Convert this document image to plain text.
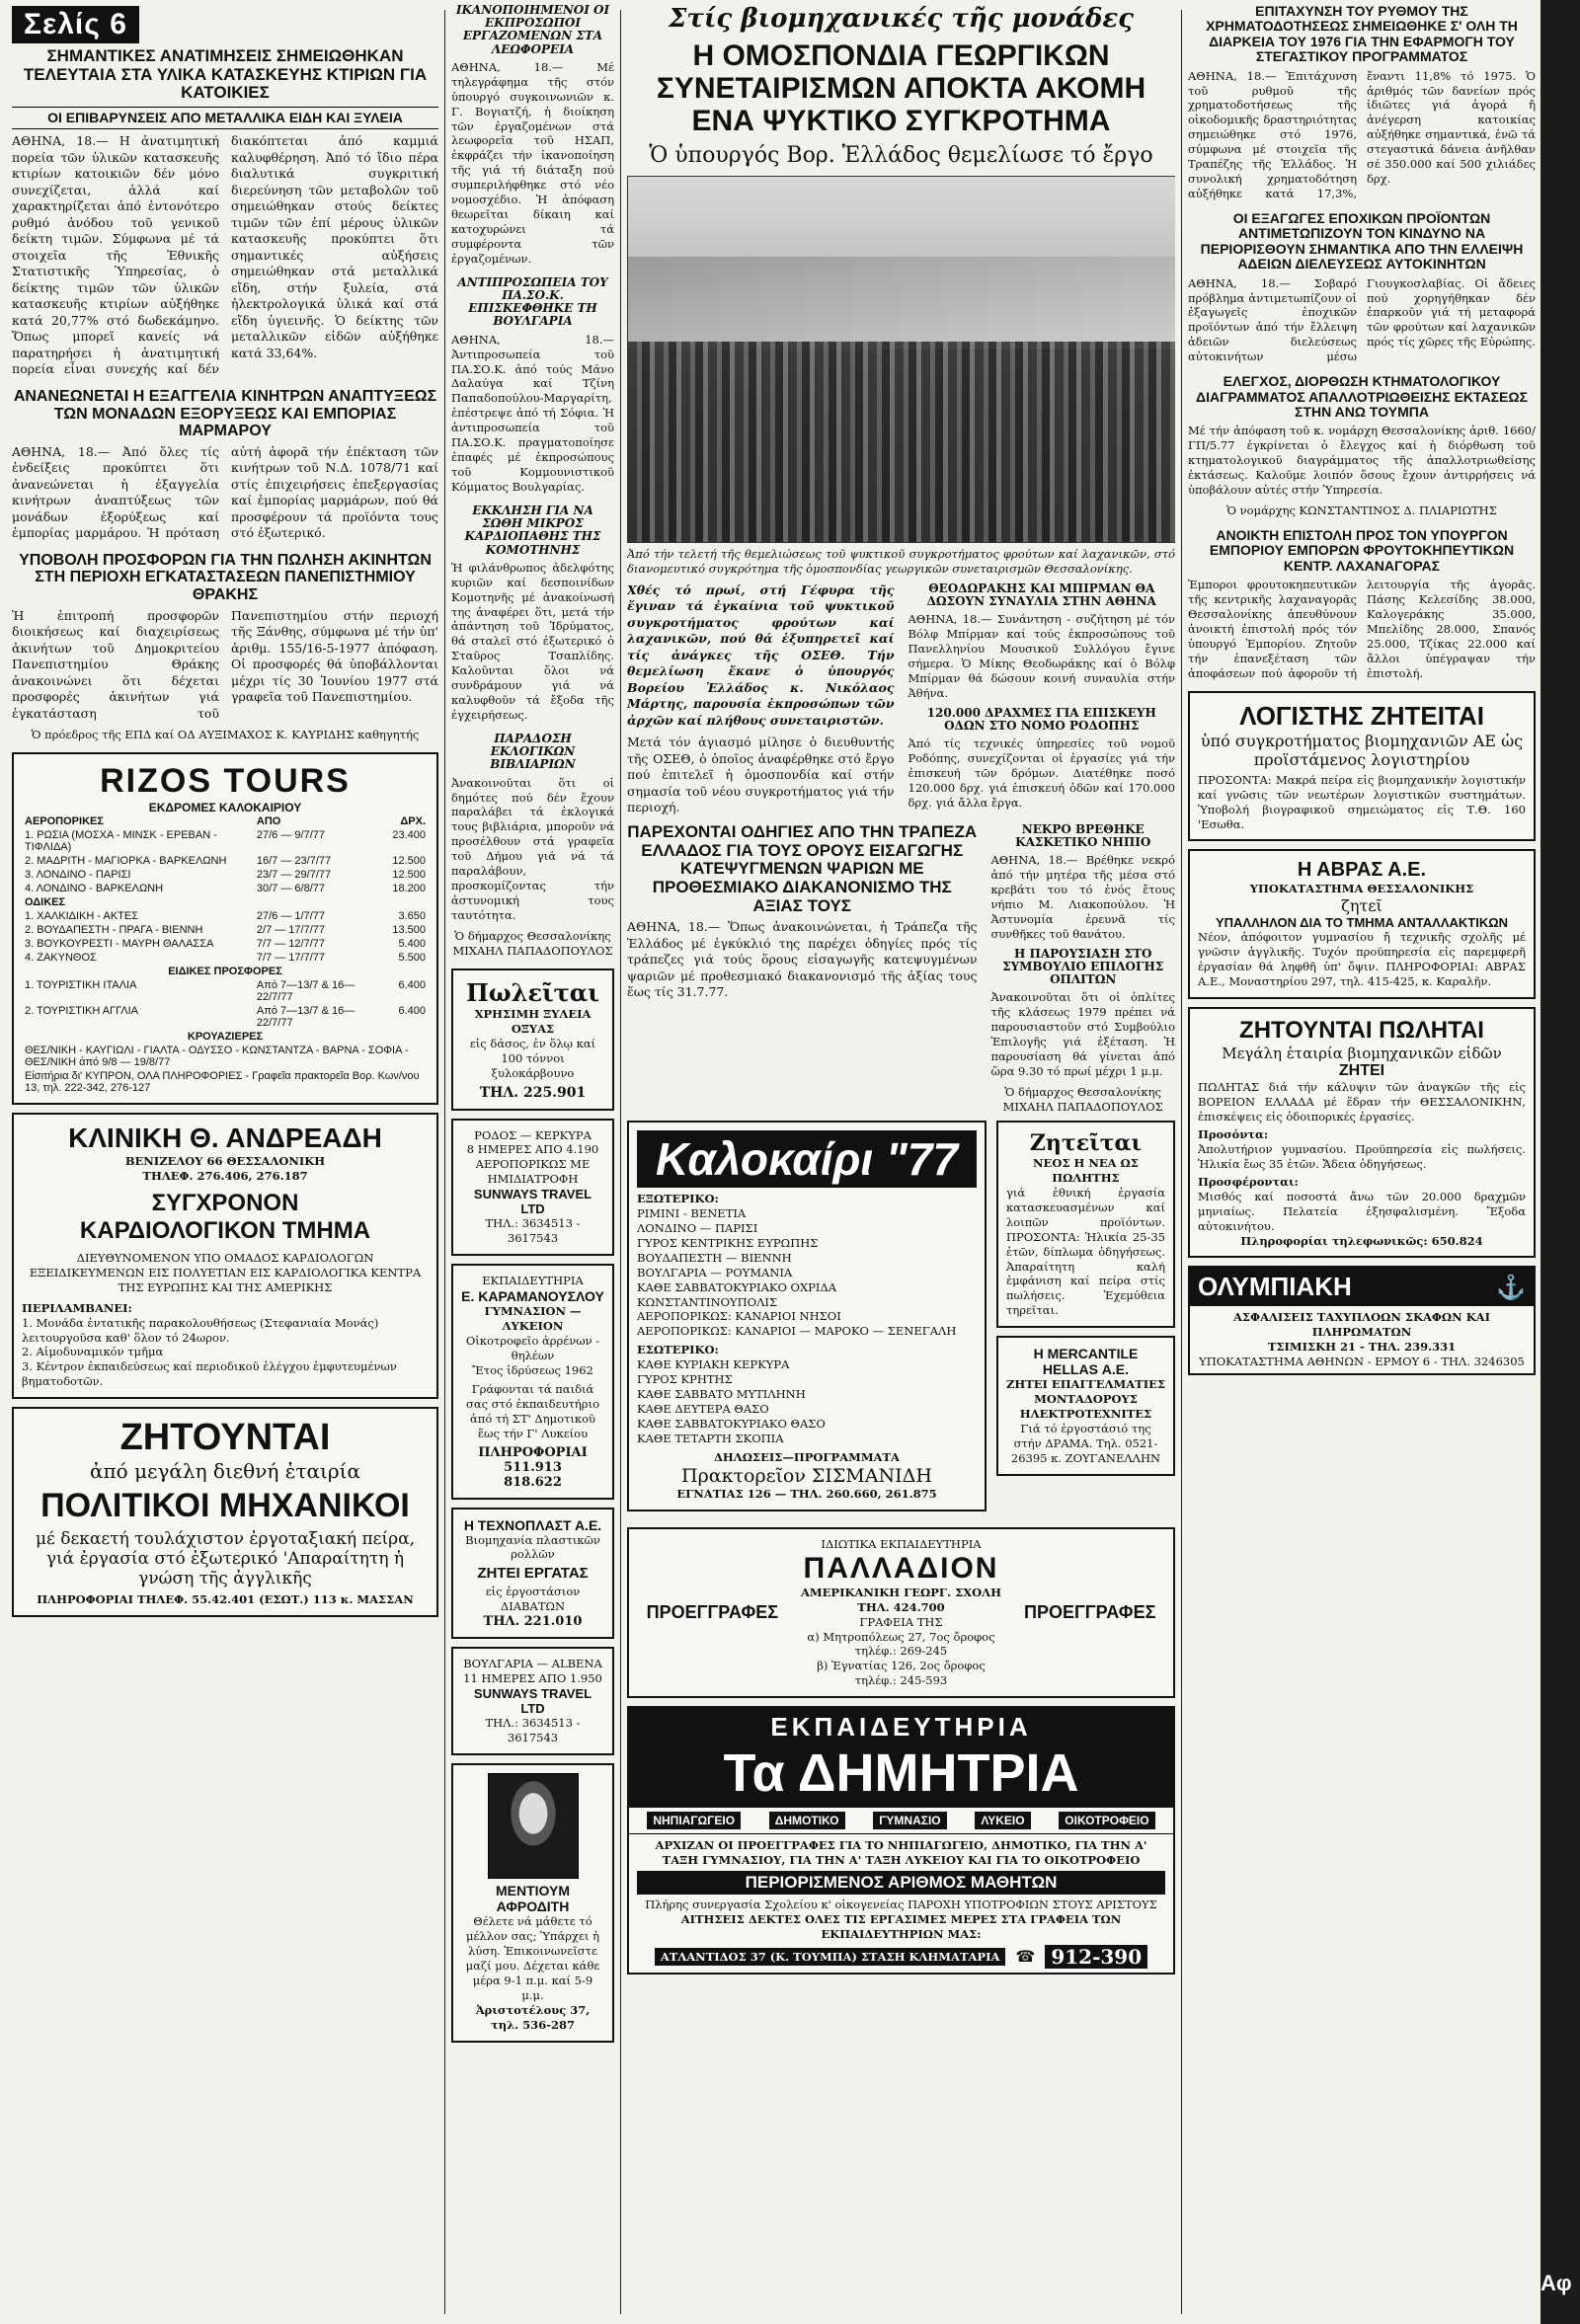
Σελίς 6
ΣΗΜΑΝΤΙΚΕΣ ΑΝΑΤΙΜΗΣΕΙΣ ΣΗΜΕΙΩΘΗΚΑΝ ΤΕΛΕΥΤΑΙΑ ΣΤΑ ΥΛΙΚΑ ΚΑΤΑΣΚΕΥΗΣ ΚΤΙΡΙΩΝ ΓΙΑ ΚΑΤΟΙΚΙΕΣ
ΟΙ ΕΠΙΒΑΡΥΝΣΕΙΣ ΑΠΟ ΜΕΤΑΛΛΙΚΑ ΕΙΔΗ ΚΑΙ ΞΥΛΕΙΑ

ΑΘΗΝΑ, 18.— Η ἀνατιμητική πορεία τῶν ὑλικῶν κατασκευῆς κτιρίων κατοικιῶν δέν μόνο συνεχίζεται, ἀλλά καί χαρακτηρίζεται ἀπό ἐντονότερο ρυθμό ἀνόδου τοῦ γενικοῦ δείκτη τιμῶν. Σύμφωνα μέ τά στοιχεῖα τῆς Ἐθνικῆς Στατιστικῆς Ὑπηρεσίας, ὁ δείκτης τιμῶν τῶν ὑλικῶν κατασκευῆς κτιρίων αὐξήθηκε κατά 20,77% στό δωδεκάμηνο. Ὅπως μπορεῖ κανείς νά παρατηρήσει ἡ ἀνατιμητική πορεία εἶναι συνεχής καί δέν διακόπτεται ἀπό καμμιά καλυφθέρηση. Ἀπό τό ἴδιο πέρα διαλυτικά συγκριτική διερεύνηση τῶν μεταβολῶν τοῦ σημειώθηκαν στούς δείκτες τιμῶν τῶν ἐπί μέρους ὑλικῶν κατασκευῆς προκύπτει ὅτι σημαντικές αὐξήσεις σημειώθηκαν στά μεταλλικά εἴδη, στήν ξυλεία, στά ἠλεκτρολογικά ὑλικά καί στά εἴδη ὑγιεινῆς. Ὁ δείκτης τῶν μεταλλικῶν εἰδῶν αὐξήθηκε κατά 33,64%.

ΑΝΑΝΕΩΝΕΤΑΙ Η ΕΞΑΓΓΕΛΙΑ ΚΙΝΗΤΡΩΝ ΑΝΑΠΤΥΞΕΩΣ ΤΩΝ ΜΟΝΑΔΩΝ ΕΞΟΡΥΞΕΩΣ ΚΑΙ ΕΜΠΟΡΙΑΣ ΜΑΡΜΑΡΟΥ

ΑΘΗΝΑ, 18.— Ἀπό ὅλες τίς ἐνδείξεις προκύπτει ὅτι ἀνανεώνεται ἡ ἐξαγγελία κινήτρων ἀναπτύξεως τῶν μονάδων ἐξορύξεως καί ἐμπορίας μαρμάρου. Ἡ πρόταση αὐτή ἀφορᾶ τήν ἐπέκταση τῶν κινήτρων τοῦ Ν.Δ. 1078/71 καί στίς ἐπιχειρήσεις ἐπεξεργασίας καί ἐμπορίας μαρμάρων, πού θά προσφέρουν τά προϊόντα τους στό ἐξωτερικό.

ΥΠΟΒΟΛΗ ΠΡΟΣΦΟΡΩΝ ΓΙΑ ΤΗΝ ΠΩΛΗΣΗ ΑΚΙΝΗΤΩΝ ΣΤΗ ΠΕΡΙΟΧΗ ΕΓΚΑΤΑΣΤΑΣΕΩΝ ΠΑΝΕΠΙΣΤΗΜΙΟΥ ΘΡΑΚΗΣ

Ἡ ἐπιτροπή προσφορῶν διοικήσεως καί διαχειρίσεως ἀκινήτων τοῦ Δημοκριτείου Πανεπιστημίου Θράκης ἀνακοινώνει ὅτι δέχεται προσφορές ἀκινήτων γιά ἐγκατάσταση τοῦ Πανεπιστημίου στήν περιοχή τῆς Ξάνθης, σύμφωνα μέ τήν ὑπ' ἀριθμ. 155/16-5-1977 ἀπόφαση. Οἱ προσφορές θά ὑποβάλλονται μέχρι τίς 30 Ἰουνίου 1977 στά γραφεῖα τοῦ Πανεπιστημίου.

Ὁ πρόεδρος τῆς ΕΠΔ καί ΟΔ ΑΥΞΙΜΑΧΟΣ Κ. ΚΑΥΡΙΔΗΣ καθηγητής

RIZOS TOURS
ΕΚΔΡΟΜΕΣ ΚΑΛΟΚΑΙΡΙΟΥ
ΑΕΡΟΠΟΡΙΚΕΣ	ΑΠΟ	ΔΡΧ.
1. ΡΩΣΙΑ (ΜΟΣΧΑ - ΜΙΝΣΚ - ΕΡΕΒΑΝ - ΤΙΦΛΙΔΑ)	27/6 — 9/7/77	23.400
2. ΜΑΔΡΙΤΗ - ΜΑΓΙΟΡΚΑ - ΒΑΡΚΕΛΩΝΗ	16/7 — 23/7/77	12.500
3. ΛΟΝΔΙΝΟ - ΠΑΡΙΣΙ	23/7 — 29/7/77	12.500
4. ΛΟΝΔΙΝΟ - ΒΑΡΚΕΛΩΝΗ	30/7 — 6/8/77	18.200
ΟΔΙΚΕΣ		
1. ΧΑΛΚΙΔΙΚΗ - ΑΚΤΕΣ	27/6 — 1/7/77	3.650
2. ΒΟΥΔΑΠΕΣΤΗ - ΠΡΑΓΑ - ΒΙΕΝΝΗ	2/7 — 17/7/77	13.500
3. ΒΟΥΚΟΥΡΕΣΤΙ - ΜΑΥΡΗ ΘΑΛΑΣΣΑ	7/7 — 12/7/77	5.400
4. ΖΑΚΥΝΘΟΣ	7/7 — 17/7/77	5.500
ΕΙΔΙΚΕΣ ΠΡΟΣΦΟΡΕΣ		
1. ΤΟΥΡΙΣΤΙΚΗ ΙΤΑΛΙΑ	Από 7—13/7 & 16—22/7/77	6.400
2. ΤΟΥΡΙΣΤΙΚΗ ΑΓΓΛΙΑ	Από 7—13/7 & 16—22/7/77	6.400
ΚΡΟΥΑΖΙΕΡΕΣ		
ΘΕΣ/ΝΙΚΗ - ΚΑΥΓΙΩΛΙ - ΓΙΑΛΤΑ - ΟΔΥΣΣΟ - ΚΩΝΣΤΑΝΤΖΑ - ΒΑΡΝΑ - ΣΟΦΙΑ - ΘΕΣ/ΝΙΚΗ ἀπό 9/8 — 19/8/77		
Εἰσιτήρια δι' ΚΥΠΡΟΝ, ΟΛΑ ΠΛΗΡΟΦΟΡΙΕΣ - Γραφεῖα πρακτορεῖα Βορ. Κων/νου 13, τηλ. 222-342, 276-127		
ΚΛΙΝΙΚΗ Θ. ΑΝΔΡΕΑΔΗ
ΒΕΝΙΖΕΛΟΥ 66 ΘΕΣΣΑΛΟΝΙΚΗ
ΤΗΛΕΦ. 276.406, 276.187
ΣΥΓΧΡΟΝΟΝ
ΚΑΡΔΙΟΛΟΓΙΚΟΝ ΤΜΗΜΑ
ΔΙΕΥΘΥΝΟΜΕΝΟΝ ΥΠΟ ΟΜΑΔΟΣ ΚΑΡΔΙΟΛΟΓΩΝ ΕΞΕΙΔΙΚΕΥΜΕΝΩΝ ΕΙΣ ΠΟΛΥΕΤΙΑΝ ΕΙΣ ΚΑΡΔΙΟΛΟΓΙΚΑ ΚΕΝΤΡΑ ΤΗΣ ΕΥΡΩΠΗΣ ΚΑΙ ΤΗΣ ΑΜΕΡΙΚΗΣ
ΠΕΡΙΛΑΜΒΑΝΕΙ:
1. Μονάδα ἐντατικῆς παρακολουθήσεως (Στεφανιαία Μονάς) λειτουργοῦσα καθ' ὅλον τό 24ωρον.
2. Αἱμοδυναμικόν τμῆμα
3. Κέντρον ἐκπαιδεύσεως καί περιοδικοῦ ἐλέγχου ἐμφυτευμένων βηματοδοτῶν.
ΖΗΤΟΥΝΤΑΙ
ἀπό μεγάλη διεθνή ἑταιρία
ΠΟΛΙΤΙΚΟΙ ΜΗΧΑΝΙΚΟΙ
μέ δεκαετή τουλάχιστον ἐργοταξιακή πείρα, γιά ἐργασία στό ἐξωτερικό 'Απαραίτητη ἡ γνώση τῆς ἀγγλικῆς
ΠΛΗΡΟΦΟΡΙΑΙ ΤΗΛΕΦ. 55.42.401 (ΕΣΩΤ.) 113 κ. ΜΑΣΣΑΝ
ΙΚΑΝΟΠΟΙΗΜΕΝΟΙ ΟΙ ΕΚΠΡΟΣΩΠΟΙ ΕΡΓΑΖΟΜΕΝΩΝ ΣΤΑ ΛΕΩΦΟΡΕΙΑ

ΑΘΗΝΑ, 18.— Μέ τηλεγράφημα τῆς στόν ὑπουργό συγκοινωνιῶν κ. Γ. Βογιατζή, ἡ διοίκηση τῶν ἐργαζομένων στά λεωφορεῖα τοῦ ΗΣΑΠ, ἐκφράζει τήν ἱκανοποίηση τῆς γιά τή διάταξη πού συμπεριλήφθηκε στό νέο νομοσχέδιο. Ἡ ἀπόφαση θεωρεῖται δίκαιη καί κατοχυρώνει τά συμφέροντα τῶν ἐργαζομένων.

ΑΝΤΙΠΡΟΣΩΠΕΙΑ ΤΟΥ ΠΑ.ΣΟ.Κ. ΕΠΙΣΚΕΦΘΗΚΕ ΤΗ ΒΟΥΛΓΑΡΙΑ

ΑΘΗΝΑ, 18.— Ἀντιπροσωπεία τοῦ ΠΑ.ΣΟ.Κ. ἀπό τούς Μάνο Δαλαύγα καί Τζίνη Παπαδοπούλου-Μαργαρίτη, ἐπέστρεψε ἀπό τή Σόφια. Ἡ ἀντιπροσωπεία τοῦ ΠΑ.ΣΟ.Κ. πραγματοποίησε ἐπαφές μέ ἐκπροσώπους τοῦ Κομμουνιστικοῦ Κόμματος Βουλγαρίας.

ΕΚΚΛΗΣΗ ΓΙΑ ΝΑ ΣΩΘΗ ΜΙΚΡΟΣ ΚΑΡΔΙΟΠΑΘΗΣ ΤΗΣ ΚΟΜΟΤΗΝΗΣ

Ἡ φιλάνθρωπος ἀδελφότης κυριῶν καί δεσποινίδων Κομοτηνῆς μέ ἀνακοίνωσή της ἀναφέρει ὅτι, μετά τήν ἀπάντηση τοῦ Ἱδρύματος, θά σταλεῖ στό ἐξωτερικό ὁ Σταῦρος Τσαπλίδης. Καλοῦνται ὅλοι νά συνδράμουν γιά νά καλυφθοῦν τά ἔξοδα τῆς ἐγχειρήσεως.

ΠΑΡΑΔΟΣΗ ΕΚΛΟΓΙΚΩΝ ΒΙΒΛΙΑΡΙΩΝ

Ἀνακοινοῦται ὅτι οἱ δημότες πού δέν ἔχουν παραλάβει τά ἐκλογικά τους βιβλιάρια, μποροῦν νά προσέλθουν στά γραφεῖα τοῦ Δήμου γιά νά τά παραλάβουν, προσκομίζοντας τήν ἀστυνομική τους ταυτότητα.

Ὁ δήμαρχος Θεσσαλονίκης ΜΙΧΑΗΛ ΠΑΠΑΔΟΠΟΥΛΟΣ

Πωλεῖται
ΧΡΗΣΙΜΗ ΞΥΛΕΙΑ ΟΞΥΑΣ
εἰς δάσος, ἐν ὅλῳ καί 100 τόννοι ξυλοκάρβουνο
ΤΗΛ. 225.901
ΡΟΔΟΣ — ΚΕΡΚΥΡΑ
8 ΗΜΕΡΕΣ ΑΠΟ 4.190
ΑΕΡΟΠΟΡΙΚΩΣ ΜΕ ΗΜΙΔΙΑΤΡΟΦΗ
SUNWAYS TRAVEL LTD
ΤΗΛ.: 3634513 - 3617543
ΕΚΠΑΙΔΕΥΤΗΡΙΑ
Ε. ΚΑΡΑΜΑΝΟΥΣΛΟΥ
ΓΥΜΝΑΣΙΟΝ — ΛΥΚΕΙΟΝ
Οἰκοτροφεῖο ἀρρένων - θηλέων
Ἔτος ἱδρύσεως 1962
Γράφονται τά παιδιά σας στό ἐκπαιδευτήριο ἀπό τή ΣΤ' Δημοτικοῦ ἕως τήν Γ' Λυκείου
ΠΛΗΡΟΦΟΡΙΑΙ 511.913
818.622
Η ΤΕΧΝΟΠΛΑΣΤ Α.Ε.
Βιομηχανία πλαστικῶν ρολλῶν
ΖΗΤΕΙ ΕΡΓΑΤΑΣ
εἰς ἐργοστάσιον ΔΙΑΒΑΤΩΝ
ΤΗΛ. 221.010
ΒΟΥΛΓΑΡΙΑ — ALBENA
11 ΗΜΕΡΕΣ ΑΠΟ 1.950
SUNWAYS TRAVEL LTD
ΤΗΛ.: 3634513 - 3617543
ΜΕΝΤΙΟΥΜ ΑΦΡΟΔΙΤΗ
Θέλετε νά μάθετε τό μέλλον σας; Ὑπάρχει ἡ λύση. Ἐπικοινωνεῖστε μαζί μου. Δέχεται κάθε μέρα 9-1 π.μ. καί 5-9 μ.μ.
Ἀριστοτέλους 37, τηλ. 536-287
Στίς βιομηχανικές τῆς μονάδες
Η ΟΜΟΣΠΟΝΔΙΑ ΓΕΩΡΓΙΚΩΝ ΣΥΝΕΤΑΙΡΙΣΜΩΝ ΑΠΟΚΤΑ ΑΚΟΜΗ ΕΝΑ ΨΥΚΤΙΚΟ ΣΥΓΚΡΟΤΗΜΑ
Ὁ ὑπουργός Βορ. Ἑλλάδος θεμελίωσε τό ἔργο

Ἀπό τήν τελετή τῆς θεμελιώσεως τοῦ ψυκτικοῦ συγκροτήματος φρούτων καί λαχανικῶν, στό διανομευτικό συγκρότημα τῆς ὁμοσπονδίας γεωργικῶν συνεταιρισμῶν Θεσσαλονίκης.

Χθές τό πρωί, στή Γέφυρα τῆς ἔγιναν τά ἐγκαίνια τοῦ ψυκτικοῦ συγκροτήματος φρούτων καί λαχανικῶν, πού θά ἐξυπηρετεῖ καί τίς ἀνάγκες τῆς ΟΣΕΘ. Τήν θεμελίωση ἔκανε ὁ ὑπουργός Βορείου Ἑλλάδος κ. Νικόλαος Μάρτης, παρουσία ἐκπροσώπων τῶν ἀρχῶν καί πλήθους συνεταιριστῶν.

Μετά τόν ἁγιασμό μίλησε ὁ διευθυντής τῆς ΟΣΕΘ, ὁ ὁποῖος ἀναφέρθηκε στό ἔργο πού ἐπιτελεῖ ἡ ὁμοσπονδία καί στήν σημασία τοῦ νέου συγκροτήματος γιά τήν περιοχή.

ΘΕΟΔΩΡΑΚΗΣ ΚΑΙ ΜΠΙΡΜΑΝ ΘΑ ΔΩΣΟΥΝ ΣΥΝΑΥΛΙΑ ΣΤΗΝ ΑΘΗΝΑ

ΑΘΗΝΑ, 18.— Συνάντηση - συζήτηση μέ τόν Βόλφ Μπίρμαν καί τούς ἐκπροσώπους τοῦ Πανελληνίου Μουσικοῦ Συλλόγου ἔγινε σήμερα. Ὁ Μίκης Θεοδωράκης καί ὁ Βόλφ Μπίρμαν θά δώσουν κοινή συναυλία στήν Ἀθήνα.

120.000 ΔΡΑΧΜΕΣ ΓΙΑ ΕΠΙΣΚΕΥΗ ΟΔΩΝ ΣΤΟ ΝΟΜΟ ΡΟΔΟΠΗΣ

Ἀπό τίς τεχνικές ὑπηρεσίες τοῦ νομοῦ Ροδόπης, συνεχίζονται οἱ ἐργασίες γιά τήν ἐπισκευή τῶν δρόμων. Διατέθηκε ποσό 120.000 δρχ. γιά ἐπισκευή ὁδῶν καί 170.000 δρχ. γιά ἄλλα ἔργα.

ΠΑΡΕΧΟΝΤΑΙ ΟΔΗΓΙΕΣ ΑΠΟ ΤΗΝ ΤΡΑΠΕΖΑ ΕΛΛΑΔΟΣ ΓΙΑ ΤΟΥΣ ΟΡΟΥΣ ΕΙΣΑΓΩΓΗΣ ΚΑΤΕΨΥΓΜΕΝΩΝ ΨΑΡΙΩΝ ΜΕ ΠΡΟΘΕΣΜΙΑΚΟ ΔΙΑΚΑΝΟΝΙΣΜΟ ΤΗΣ ΑΞΙΑΣ ΤΟΥΣ

ΑΘΗΝΑ, 18.— Ὅπως ἀνακοινώνεται, ἡ Τράπεζα τῆς Ἑλλάδος μέ ἐγκύκλιό της παρέχει ὁδηγίες πρός τίς τράπεζες γιά τούς ὅρους εἰσαγωγῆς κατεψυγμένων ψαριῶν μέ προθεσμιακό διακανονισμό τῆς ἀξίας τους ἕως τίς 31.7.77.

ΝΕΚΡΟ ΒΡΕΘΗΚΕ ΚΑΣΚΕΤΙΚΟ ΝΗΠΙΟ

ΑΘΗΝΑ, 18.— Βρέθηκε νεκρό ἀπό τήν μητέρα τῆς μέσα στό κρεβάτι του τό ἑνός ἔτους νήπιο Μ. Λιακοπούλου. Ἡ Ἀστυνομία ἐρευνᾶ τίς συνθῆκες τοῦ θανάτου.

Η ΠΑΡΟΥΣΙΑΣΗ ΣΤΟ ΣΥΜΒΟΥΛΙΟ ΕΠΙΛΟΓΗΣ ΟΠΛΙΤΩΝ

Ἀνακοινοῦται ὅτι οἱ ὁπλίτες τῆς κλάσεως 1979 πρέπει νά παρουσιαστοῦν στό Συμβούλιο Ἐπιλογῆς γιά ἐξέταση. Ἡ παρουσίαση θά γίνεται ἀπό ὥρα 9.30 τό πρωί μέχρι 1 μ.μ.

Ὁ δήμαρχος Θεσσαλονίκης ΜΙΧΑΗΛ ΠΑΠΑΔΟΠΟΥΛΟΣ

Καλοκαίρι "77
ΕΞΩΤΕΡΙΚΟ:
ΡΙΜΙΝΙ - ΒΕΝΕΤΙΑ
ΛΟΝΔΙΝΟ — ΠΑΡΙΣΙ
ΓΥΡΟΣ ΚΕΝΤΡΙΚΗΣ ΕΥΡΩΠΗΣ
ΒΟΥΔΑΠΕΣΤΗ — ΒΙΕΝΝΗ
ΒΟΥΛΓΑΡΙΑ — ΡΟΥΜΑΝΙΑ
ΚΑΘΕ ΣΑΒΒΑΤΟΚΥΡΙΑΚΟ ΟΧΡΙΔΑ
ΚΩΝΣΤΑΝΤΙΝΟΥΠΟΛΙΣ
ΑΕΡΟΠΟΡΙΚΩΣ: ΚΑΝΑΡΙΟΙ ΝΗΣΟΙ
ΑΕΡΟΠΟΡΙΚΩΣ: ΚΑΝΑΡΙΟΙ — ΜΑΡΟΚΟ — ΣΕΝΕΓΑΛΗ
ΕΣΩΤΕΡΙΚΟ:
ΚΑΘΕ ΚΥΡΙΑΚΗ ΚΕΡΚΥΡΑ
ΓΥΡΟΣ ΚΡΗΤΗΣ
ΚΑΘΕ ΣΑΒΒΑΤΟ ΜΥΤΙΛΗΝΗ
ΚΑΘΕ ΔΕΥΤΕΡΑ ΘΑΣΟ
ΚΑΘΕ ΣΑΒΒΑΤΟΚΥΡΙΑΚΟ ΘΑΣΟ
ΚΑΘΕ ΤΕΤΑΡΤΗ ΣΚΟΠΙΑ
ΔΗΛΩΣΕΙΣ—ΠΡΟΓΡΑΜΜΑΤΑ
Πρακτορεῖον ΣΙΣΜΑΝΙΔΗ
ΕΓΝΑΤΙΑΣ 126 — ΤΗΛ. 260.660, 261.875
Ζητεῖται
ΝΕΟΣ Η ΝΕΑ ΩΣ ΠΩΛΗΤΗΣ
γιά ἐθνική ἐργασία κατασκευασμένων καί λοιπῶν προϊόντων. ΠΡΟΣΟΝΤΑ: Ἡλικία 25-35 ἐτῶν, δίπλωμα ὁδηγήσεως. Ἀπαραίτητη καλή ἐμφάνιση καί πείρα στίς πωλήσεις. Ἐχεμύθεια τηρεῖται.
Η MERCANTILE HELLAS Α.Ε.
ΖΗΤΕΙ ΕΠΑΓΓΕΛΜΑΤΙΕΣ ΜΟΝΤΑΔΟΡΟΥΣ ΗΛΕΚΤΡΟΤΕΧΝΙΤΕΣ
Γιά τό ἐργοστάσιό της στήν ΔΡΑΜΑ. Τηλ. 0521-26395 κ. ΖΟΥΓΑΝΕΛΛΗΝ
ΠΡΟΕΓΓΡΑΦΕΣ
ΙΔΙΩΤΙΚΑ ΕΚΠΑΙΔΕΥΤΗΡΙΑ
ΠΑΛΛΑΔΙΟΝ
ΑΜΕΡΙΚΑΝΙΚΗ ΓΕΩΡΓ. ΣΧΟΛΗ
ΤΗΛ. 424.700
ΓΡΑΦΕΙΑ ΤΗΣ
α) Μητροπόλεως 27, 7ος ὄροφος τηλέφ.: 269-245
β) Ἐγνατίας 126, 2ος ὄροφος τηλέφ.: 245-593
ΠΡΟΕΓΓΡΑΦΕΣ
ΕΚΠΑΙΔΕΥΤΗΡΙΑ
Τα ΔΗΜΗΤΡΙΑ
ΝΗΠΙΑΓΩΓΕΙΟ	ΔΗΜΟΤΙΚΟ	ΓΥΜΝΑΣΙΟ	ΛΥΚΕΙΟ	ΟΙΚΟΤΡΟΦΕΙΟ
ΑΡΧΙΖΑΝ ΟΙ ΠΡΟΕΓΓΡΑΦΕΣ ΓΙΑ ΤΟ ΝΗΠΙΑΓΩΓΕΙΟ, ΔΗΜΟΤΙΚΟ, ΓΙΑ ΤΗΝ Α' ΤΑΞΗ ΓΥΜΝΑΣΙΟΥ, ΓΙΑ ΤΗΝ Α' ΤΑΞΗ ΛΥΚΕΙΟΥ ΚΑΙ ΓΙΑ ΤΟ ΟΙΚΟΤΡΟΦΕΙΟ
ΠΕΡΙΟΡΙΣΜΕΝΟΣ ΑΡΙΘΜΟΣ ΜΑΘΗΤΩΝ
Πλήρης συνεργασία Σχολείου κ' οἰκογενείας ΠΑΡΟΧΗ ΥΠΟΤΡΟΦΙΩΝ ΣΤΟΥΣ ΑΡΙΣΤΟΥΣ
ΑΙΤΗΣΕΙΣ ΔΕΚΤΕΣ ΟΛΕΣ ΤΙΣ ΕΡΓΑΣΙΜΕΣ ΜΕΡΕΣ ΣΤΑ ΓΡΑΦΕΙΑ ΤΩΝ ΕΚΠΑΙΔΕΥΤΗΡΙΩΝ ΜΑΣ:
ΑΤΛΑΝΤΙΔΟΣ 37 (Κ. ΤΟΥΜΠΑ) ΣΤΑΣΗ ΚΛΗΜΑΤΑΡΙΑ	☎ 912-390
ΕΠΙΤΑΧΥΝΣΗ ΤΟΥ ΡΥΘΜΟΥ ΤΗΣ ΧΡΗΜΑΤΟΔΟΤΗΣΕΩΣ ΣΗΜΕΙΩΘΗΚΕ Σ' ΟΛΗ ΤΗ ΔΙΑΡΚΕΙΑ ΤΟΥ 1976 ΓΙΑ ΤΗΝ ΕΦΑΡΜΟΓΗ ΤΟΥ ΣΤΕΓΑΣΤΙΚΟΥ ΠΡΟΓΡΑΜΜΑΤΟΣ

ΑΘΗΝΑ, 18.— Ἐπιτάχυνση τοῦ ρυθμοῦ τῆς χρηματοδοτήσεως τῆς οἰκοδομικῆς δραστηριότητας σημειώθηκε στό 1976, σύμφωνα μέ στοιχεῖα τῆς Τραπέζης τῆς Ἑλλάδος. Ἡ συνολική χρηματοδότηση αὐξήθηκε κατά 17,3%, ἔναντι 11,8% τό 1975. Ὁ ἀριθμός τῶν δανείων πρός ἰδιῶτες γιά ἀγορά ἤ ἀνέγερση κατοικίας αὐξήθηκε σημαντικά, ἐνῶ τά στεγαστικά δάνεια ἀνῆλθαν σέ 350.000 καί 500 χιλιάδες δρχ.

ΟΙ ΕΞΑΓΩΓΕΣ ΕΠΟΧΙΚΩΝ ΠΡΟΪΟΝΤΩΝ ΑΝΤΙΜΕΤΩΠΙΖΟΥΝ ΤΟΝ ΚΙΝΔΥΝΟ ΝΑ ΠΕΡΙΟΡΙΣΘΟΥΝ ΣΗΜΑΝΤΙΚΑ ΑΠΟ ΤΗΝ ΕΛΛΕΙΨΗ ΑΔΕΙΩΝ ΔΙΕΛΕΥΣΕΩΣ ΑΥΤΟΚΙΝΗΤΩΝ

ΑΘΗΝΑ, 18.— Σοβαρό πρόβλημα ἀντιμετωπίζουν οἱ ἐξαγωγεῖς ἐποχικῶν προϊόντων ἀπό τήν ἔλλειψη ἀδειῶν διελεύσεως αὐτοκινήτων μέσω Γιουγκοσλαβίας. Οἱ ἄδειες πού χορηγήθηκαν δέν ἐπαρκοῦν γιά τή μεταφορά τῶν φρούτων καί λαχανικῶν πρός τίς χῶρες τῆς Εὐρώπης.

ΕΛΕΓΧΟΣ, ΔΙΟΡΘΩΣΗ ΚΤΗΜΑΤΟΛΟΓΙΚΟΥ ΔΙΑΓΡΑΜΜΑΤΟΣ ΑΠΑΛΛΟΤΡΙΩΘΕΙΣΗΣ ΕΚΤΑΣΕΩΣ ΣΤΗΝ ΑΝΩ ΤΟΥΜΠΑ

Μέ τήν ἀπόφαση τοῦ κ. νομάρχη Θεσσαλονίκης ἀριθ. 1660/ΓΠ/5.77 ἐγκρίνεται ὁ ἔλεγχος καί ἡ διόρθωση τοῦ κτηματολογικοῦ διαγράμματος τῆς ἀπαλλοτριωθείσης ἐκτάσεως. Καλοῦμε λοιπόν ὅσους ἔχουν ἀντιρρήσεις νά ὑποβάλουν αὐτές στήν Ὑπηρεσία.

Ὁ νομάρχης ΚΩΝΣΤΑΝΤΙΝΟΣ Δ. ΠΛΙΑΡΙΩΤΗΣ

ΑΝΟΙΚΤΗ ΕΠΙΣΤΟΛΗ ΠΡΟΣ ΤΟΝ ΥΠΟΥΡΓΟΝ ΕΜΠΟΡΙΟΥ ΕΜΠΟΡΩΝ ΦΡΟΥΤΟΚΗΠΕΥΤΙΚΩΝ ΚΕΝΤΡ. ΛΑΧΑΝΑΓΟΡΑΣ

Ἐμποροι φρουτοκηπευτικῶν τῆς κεντρικῆς λαχαναγορᾶς Θεσσαλονίκης ἀπευθύνουν ἀνοικτή ἐπιστολή πρός τόν ὑπουργό Ἐμπορίου. Ζητοῦν τήν ἐπανεξέταση τῶν ἀποφάσεων πού ἀφοροῦν τή λειτουργία τῆς ἀγορᾶς. Πάσης Κελεσίδης 38.000, Καλογεράκης 35.000, Μπελίδης 28.000, Σπανός 25.000, Τζίκας 22.000 καί ἄλλοι ὑπέγραψαν τήν ἐπιστολή.

ΛΟΓΙΣΤΗΣ ΖΗΤΕΙΤΑΙ
ὑπό συγκροτήματος βιομηχανιῶν ΑΕ ὡς προϊστάμενος λογιστηρίου
ΠΡΟΣΟΝΤΑ: Μακρά πείρα εἰς βιομηχανικήν λογιστικήν καί γνῶσις τῶν νεωτέρων λογιστικῶν συστημάτων. Ὑποβολή βιογραφικοῦ σημειώματος εἰς Τ.Θ. 160 'Εσωθα.
Η ΑΒΡΑΣ Α.Ε.
ΥΠΟΚΑΤΑΣΤΗΜΑ ΘΕΣΣΑΛΟΝΙΚΗΣ
ζητεῖ
ΥΠΑΛΛΗΛΟΝ ΔΙΑ ΤΟ ΤΜΗΜΑ ΑΝΤΑΛΛΑΚΤΙΚΩΝ
Νέον, ἀπόφοιτον γυμνασίου ἤ τεχνικῆς σχολῆς μέ γνῶσιν ἀγγλικῆς. Τυχόν προϋπηρεσία εἰς παρεμφερῆ ἐργασίαν θά ληφθῆ ὑπ' ὄψιν. ΠΛΗΡΟΦΟΡΙΑΙ: ΑΒΡΑΣ Α.Ε., Μοναστηρίου 297, τηλ. 415-425, κ. Καραλῆν.
ΖΗΤΟΥΝΤΑΙ ΠΩΛΗΤΑΙ
Μεγάλη ἑταιρία βιομηχανικῶν εἰδῶν
ΖΗΤΕΙ
ΠΩΛΗΤΑΣ διά τήν κάλυψιν τῶν ἀναγκῶν τῆς εἰς ΒΟΡΕΙΟΝ ΕΛΛΑΔΑ μέ ἕδραν τήν ΘΕΣΣΑΛΟΝΙΚΗΝ, ἐπισκέψεις εἰς ὁδοιπορικές ἐργασίες.
Προσόντα:
Ἀπολυτήριον γυμνασίου. Προϋπηρεσία εἰς πωλήσεις. Ἡλικία ἔως 35 ἐτῶν. Ἄδεια ὁδηγήσεως.
Προσφέρονται:
Μισθός καί ποσοστά ἄνω τῶν 20.000 δραχμῶν μηνιαίως. Πελατεία ἐξησφαλισμένη. Ἔξοδα αὐτοκινήτου.
Πληροφορίαι τηλεφωνικῶς: 650.824
ΟΛΥΜΠΙΑΚΗ	⚓
ΑΣΦΑΛΙΣΕΙΣ ΤΑΧΥΠΛΟΩΝ ΣΚΑΦΩΝ ΚΑΙ ΠΛΗΡΩΜΑΤΩΝ
ΤΣΙΜΙΣΚΗ 21 - ΤΗΛ. 239.331
ΥΠΟΚΑΤΑΣΤΗΜΑ ΑΘΗΝΩΝ - ΕΡΜΟΥ 6 - ΤΗΛ. 3246305
Αφ
